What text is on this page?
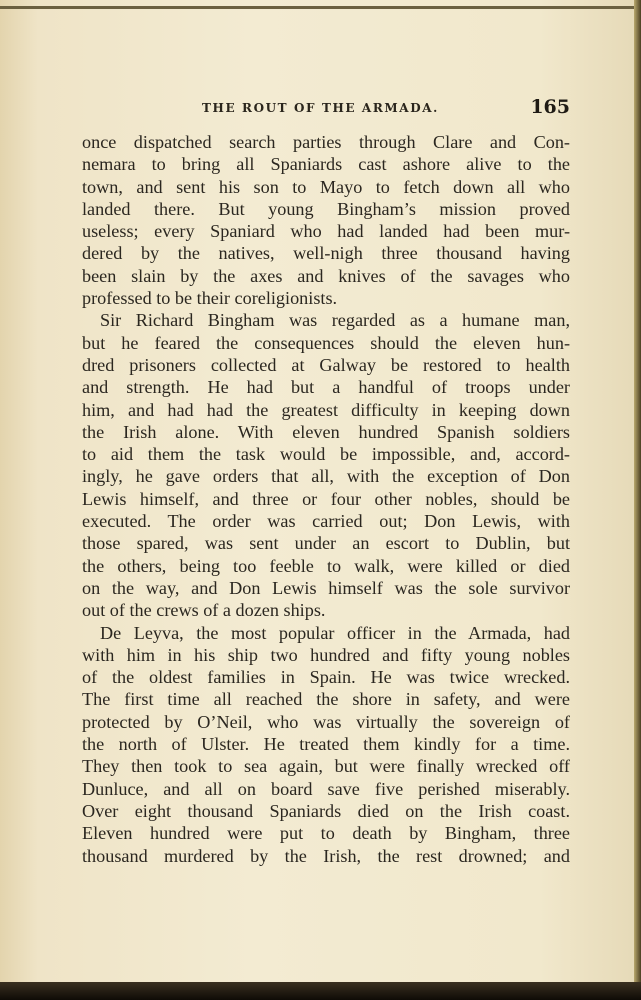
THE ROUT OF THE ARMADA.	165
once dispatched search parties through Clare and Con-
nemara to bring all Spaniards cast ashore alive to the
town, and sent his son to Mayo to fetch down all who
landed there. But young Bingham’s mission proved
useless; every Spaniard who had landed had been mur-
dered by the natives, well-nigh three thousand having
been slain by the axes and knives of the savages who
professed to be their coreligionists.
Sir Richard Bingham was regarded as a humane man,
but he feared the consequences should the eleven hun-
dred prisoners collected at Galway be restored to health
and strength. He had but a handful of troops under
him, and had had the greatest difficulty in keeping down
the Irish alone. With eleven hundred Spanish soldiers
to aid them the task would be impossible, and, accord-
ingly, he gave orders that all, with the exception of Don
Lewis himself, and three or four other nobles, should be
executed. The order was carried out; Don Lewis, with
those spared, was sent under an escort to Dublin, but
the others, being too feeble to walk, were killed or died
on the way, and Don Lewis himself was the sole survivor
out of the crews of a dozen ships.
De Leyva, the most popular officer in the Armada, had
with him in his ship two hundred and fifty young nobles
of the oldest families in Spain. He was twice wrecked.
The first time all reached the shore in safety, and were
protected by O’Neil, who was virtually the sovereign of
the north of Ulster. He treated them kindly for a time.
They then took to sea again, but were finally wrecked off
Dunluce, and all on board save five perished miserably.
Over eight thousand Spaniards died on the Irish coast.
Eleven hundred were put to death by Bingham, three
thousand murdered by the Irish, the rest drowned; and
